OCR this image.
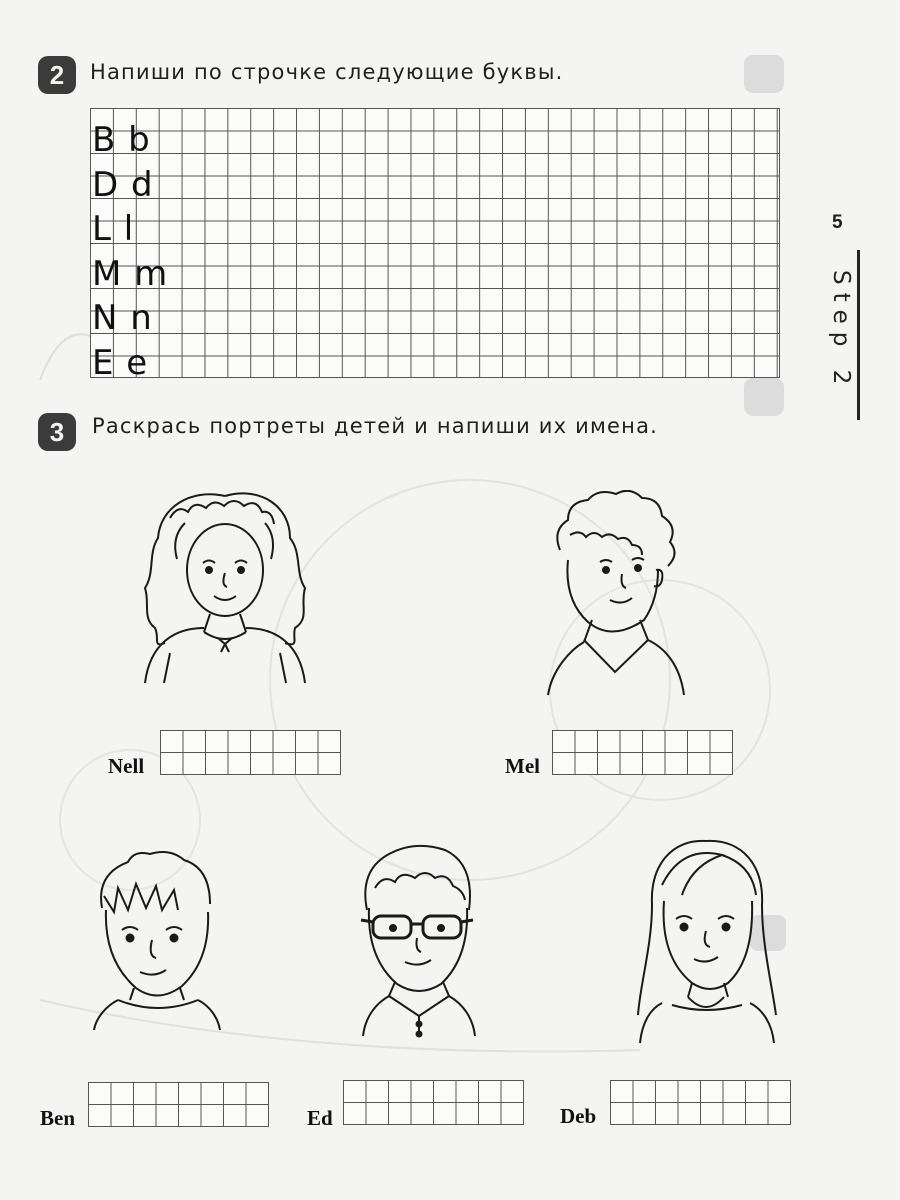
2	Напиши по строчке следующие буквы.
B b
D d
L l
M m
N n
E e
5
Step 2
3	Раскрась портреты детей и напиши их имена.
Nell	Mel
Ben	Ed	Deb
